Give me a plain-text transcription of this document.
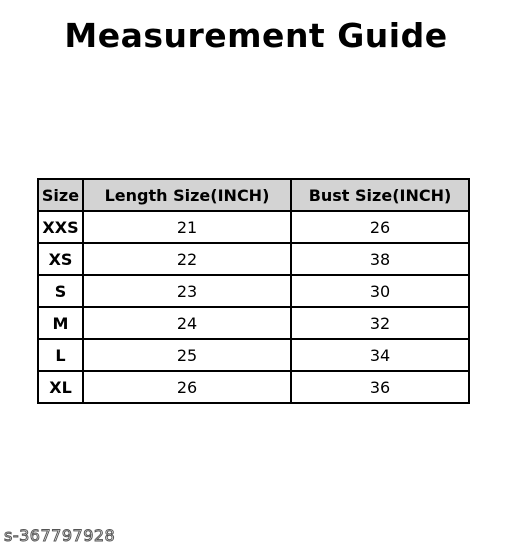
Measurement Guide
Size	Length Size(INCH)	Bust Size(INCH)
XXS	21	26
XS	22	38
S	23	30
M	24	32
L	25	34
XL	26	36
s-367797928
